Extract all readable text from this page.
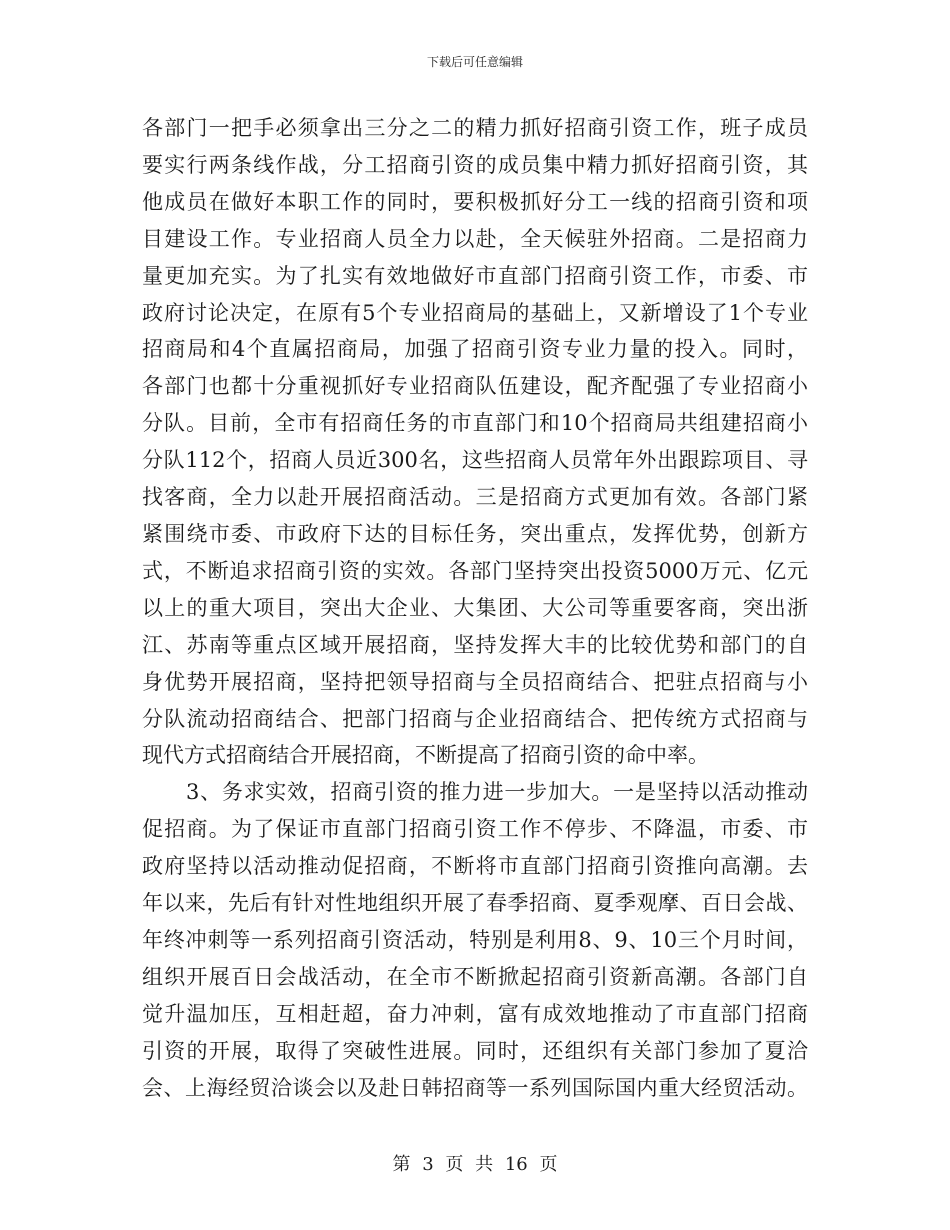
下载后可任意编辑
各部门一把手必须拿出三分之二的精力抓好招商引资工作，班子成员
要实行两条线作战，分工招商引资的成员集中精力抓好招商引资，其
他成员在做好本职工作的同时，要积极抓好分工一线的招商引资和项
目建设工作。专业招商人员全力以赴，全天候驻外招商。二是招商力
量更加充实。为了扎实有效地做好市直部门招商引资工作，市委、市
政府讨论决定，在原有5个专业招商局的基础上，又新增设了1个专业
招商局和4个直属招商局，加强了招商引资专业力量的投入。同时，
各部门也都十分重视抓好专业招商队伍建设，配齐配强了专业招商小
分队。目前，全市有招商任务的市直部门和10个招商局共组建招商小
分队112个，招商人员近300名，这些招商人员常年外出跟踪项目、寻
找客商，全力以赴开展招商活动。三是招商方式更加有效。各部门紧
紧围绕市委、市政府下达的目标任务，突出重点，发挥优势，创新方
式，不断追求招商引资的实效。各部门坚持突出投资5000万元、亿元
以上的重大项目，突出大企业、大集团、大公司等重要客商，突出浙
江、苏南等重点区域开展招商，坚持发挥大丰的比较优势和部门的自
身优势开展招商，坚持把领导招商与全员招商结合、把驻点招商与小
分队流动招商结合、把部门招商与企业招商结合、把传统方式招商与
现代方式招商结合开展招商，不断提高了招商引资的命中率。
3、务求实效，招商引资的推力进一步加大。一是坚持以活动推动
促招商。为了保证市直部门招商引资工作不停步、不降温，市委、市
政府坚持以活动推动促招商，不断将市直部门招商引资推向高潮。去
年以来，先后有针对性地组织开展了春季招商、夏季观摩、百日会战、
年终冲刺等一系列招商引资活动，特别是利用8、9、10三个月时间，
组织开展百日会战活动，在全市不断掀起招商引资新高潮。各部门自
觉升温加压，互相赶超，奋力冲刺，富有成效地推动了市直部门招商
引资的开展，取得了突破性进展。同时，还组织有关部门参加了夏洽
会、上海经贸洽谈会以及赴日韩招商等一系列国际国内重大经贸活动。
第 3 页 共 16 页
